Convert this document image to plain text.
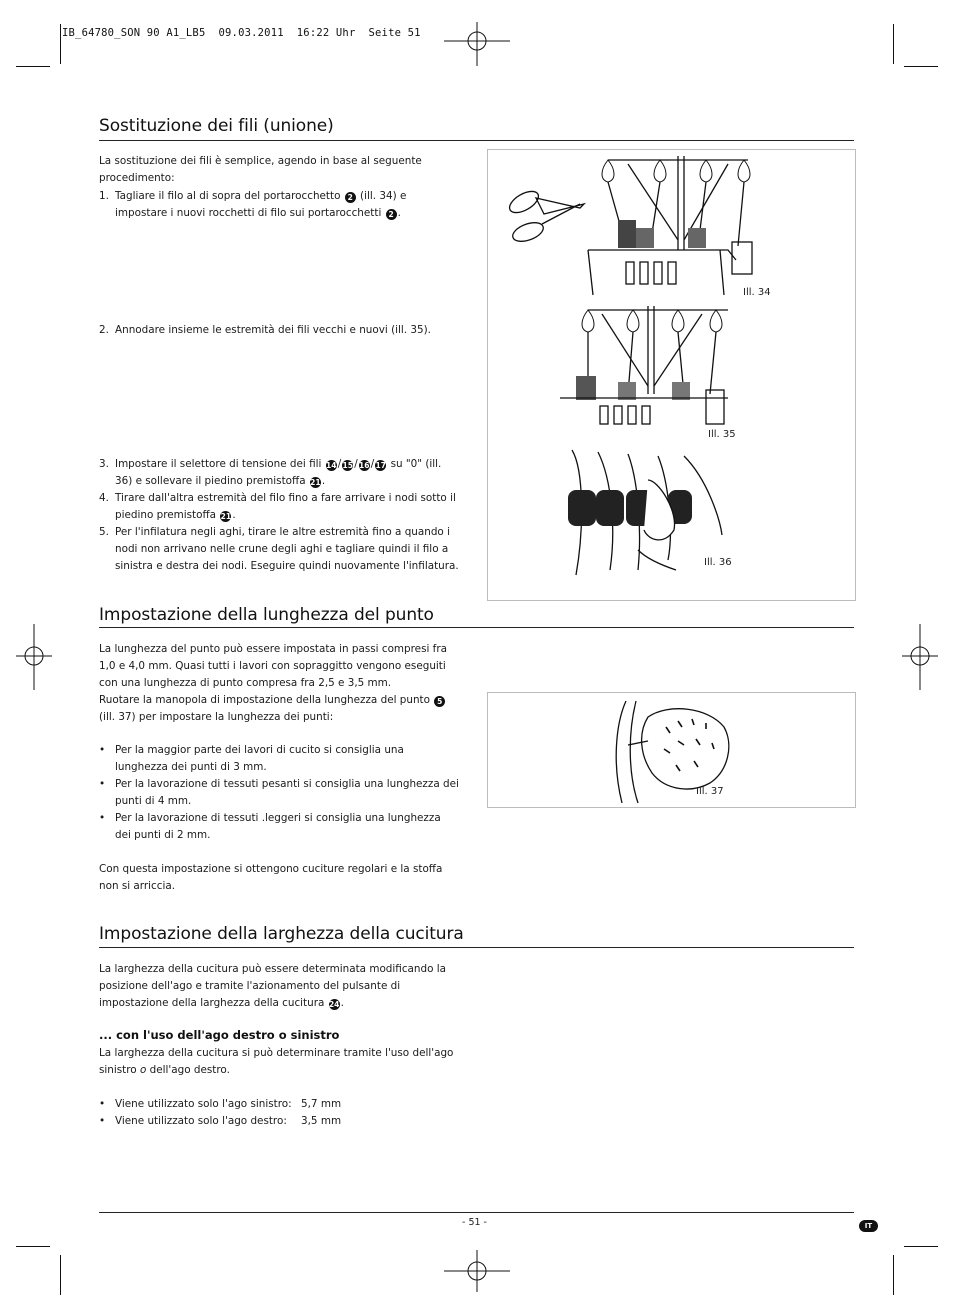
IB_64780_SON 90 A1_LB5  09.03.2011  16:22 Uhr  Seite 51
Sostituzione dei fili (unione)

La sostituzione dei fili è semplice, agendo in base al seguente procedimento:

1. Tagliare il filo al di sopra del portarocchetto 2 (ill. 34) e impostare i nuovi rocchetti di filo sui portarocchetti 2 .
2. Annodare insieme le estremità dei fili vecchi e nuovi (ill. 35).
3. Impostare il selettore di tensione dei fili 14/15/16/17 su "0" (ill. 36) e sollevare il piedino premistoffa 21.
4. Tirare dall'altra estremità del filo fino a fare arrivare i nodi sotto il piedino premistoffa 21.
5. Per l'infilatura negli aghi, tirare le altre estremità fino a quando i nodi non arrivano nelle crune degli aghi e tagliare quindi il filo a sinistra e destra dei nodi. Eseguire quindi nuovamente l'infilatura.
Ill. 34
Ill. 35
Ill. 36
Impostazione della lunghezza del punto

La lunghezza del punto può essere impostata in passi compresi fra 1,0 e 4,0 mm. Quasi tutti i lavori con sopraggitto vengono eseguiti con una lunghezza di punto compresa fra 2,5 e 3,5 mm.

Ruotare la manopola di impostazione della lunghezza del punto 5 (ill. 37) per impostare la lunghezza dei punti:

• Per la maggior parte dei lavori di cucito si consiglia una lunghezza dei punti di 3 mm.
• Per la lavorazione di tessuti pesanti si consiglia una lunghezza dei punti di 4 mm.
• Per la lavorazione di tessuti .leggeri si consiglia una lunghezza dei punti di 2 mm.

Con questa impostazione si ottengono cuciture regolari e la stoffa non si arriccia.

Ill. 37
Impostazione della larghezza della cucitura

La larghezza della cucitura può essere determinata modificando la posizione dell'ago e tramite l'azionamento del pulsante di impostazione della larghezza della cucitura 24.

... con l'uso dell'ago destro o sinistro

La larghezza della cucitura si può determinare tramite l'uso dell'ago sinistro o dell'ago destro.

• Viene utilizzato solo l'ago sinistro: 5,7 mm
• Viene utilizzato solo l'ago destro: 3,5 mm
- 51 -	IT
